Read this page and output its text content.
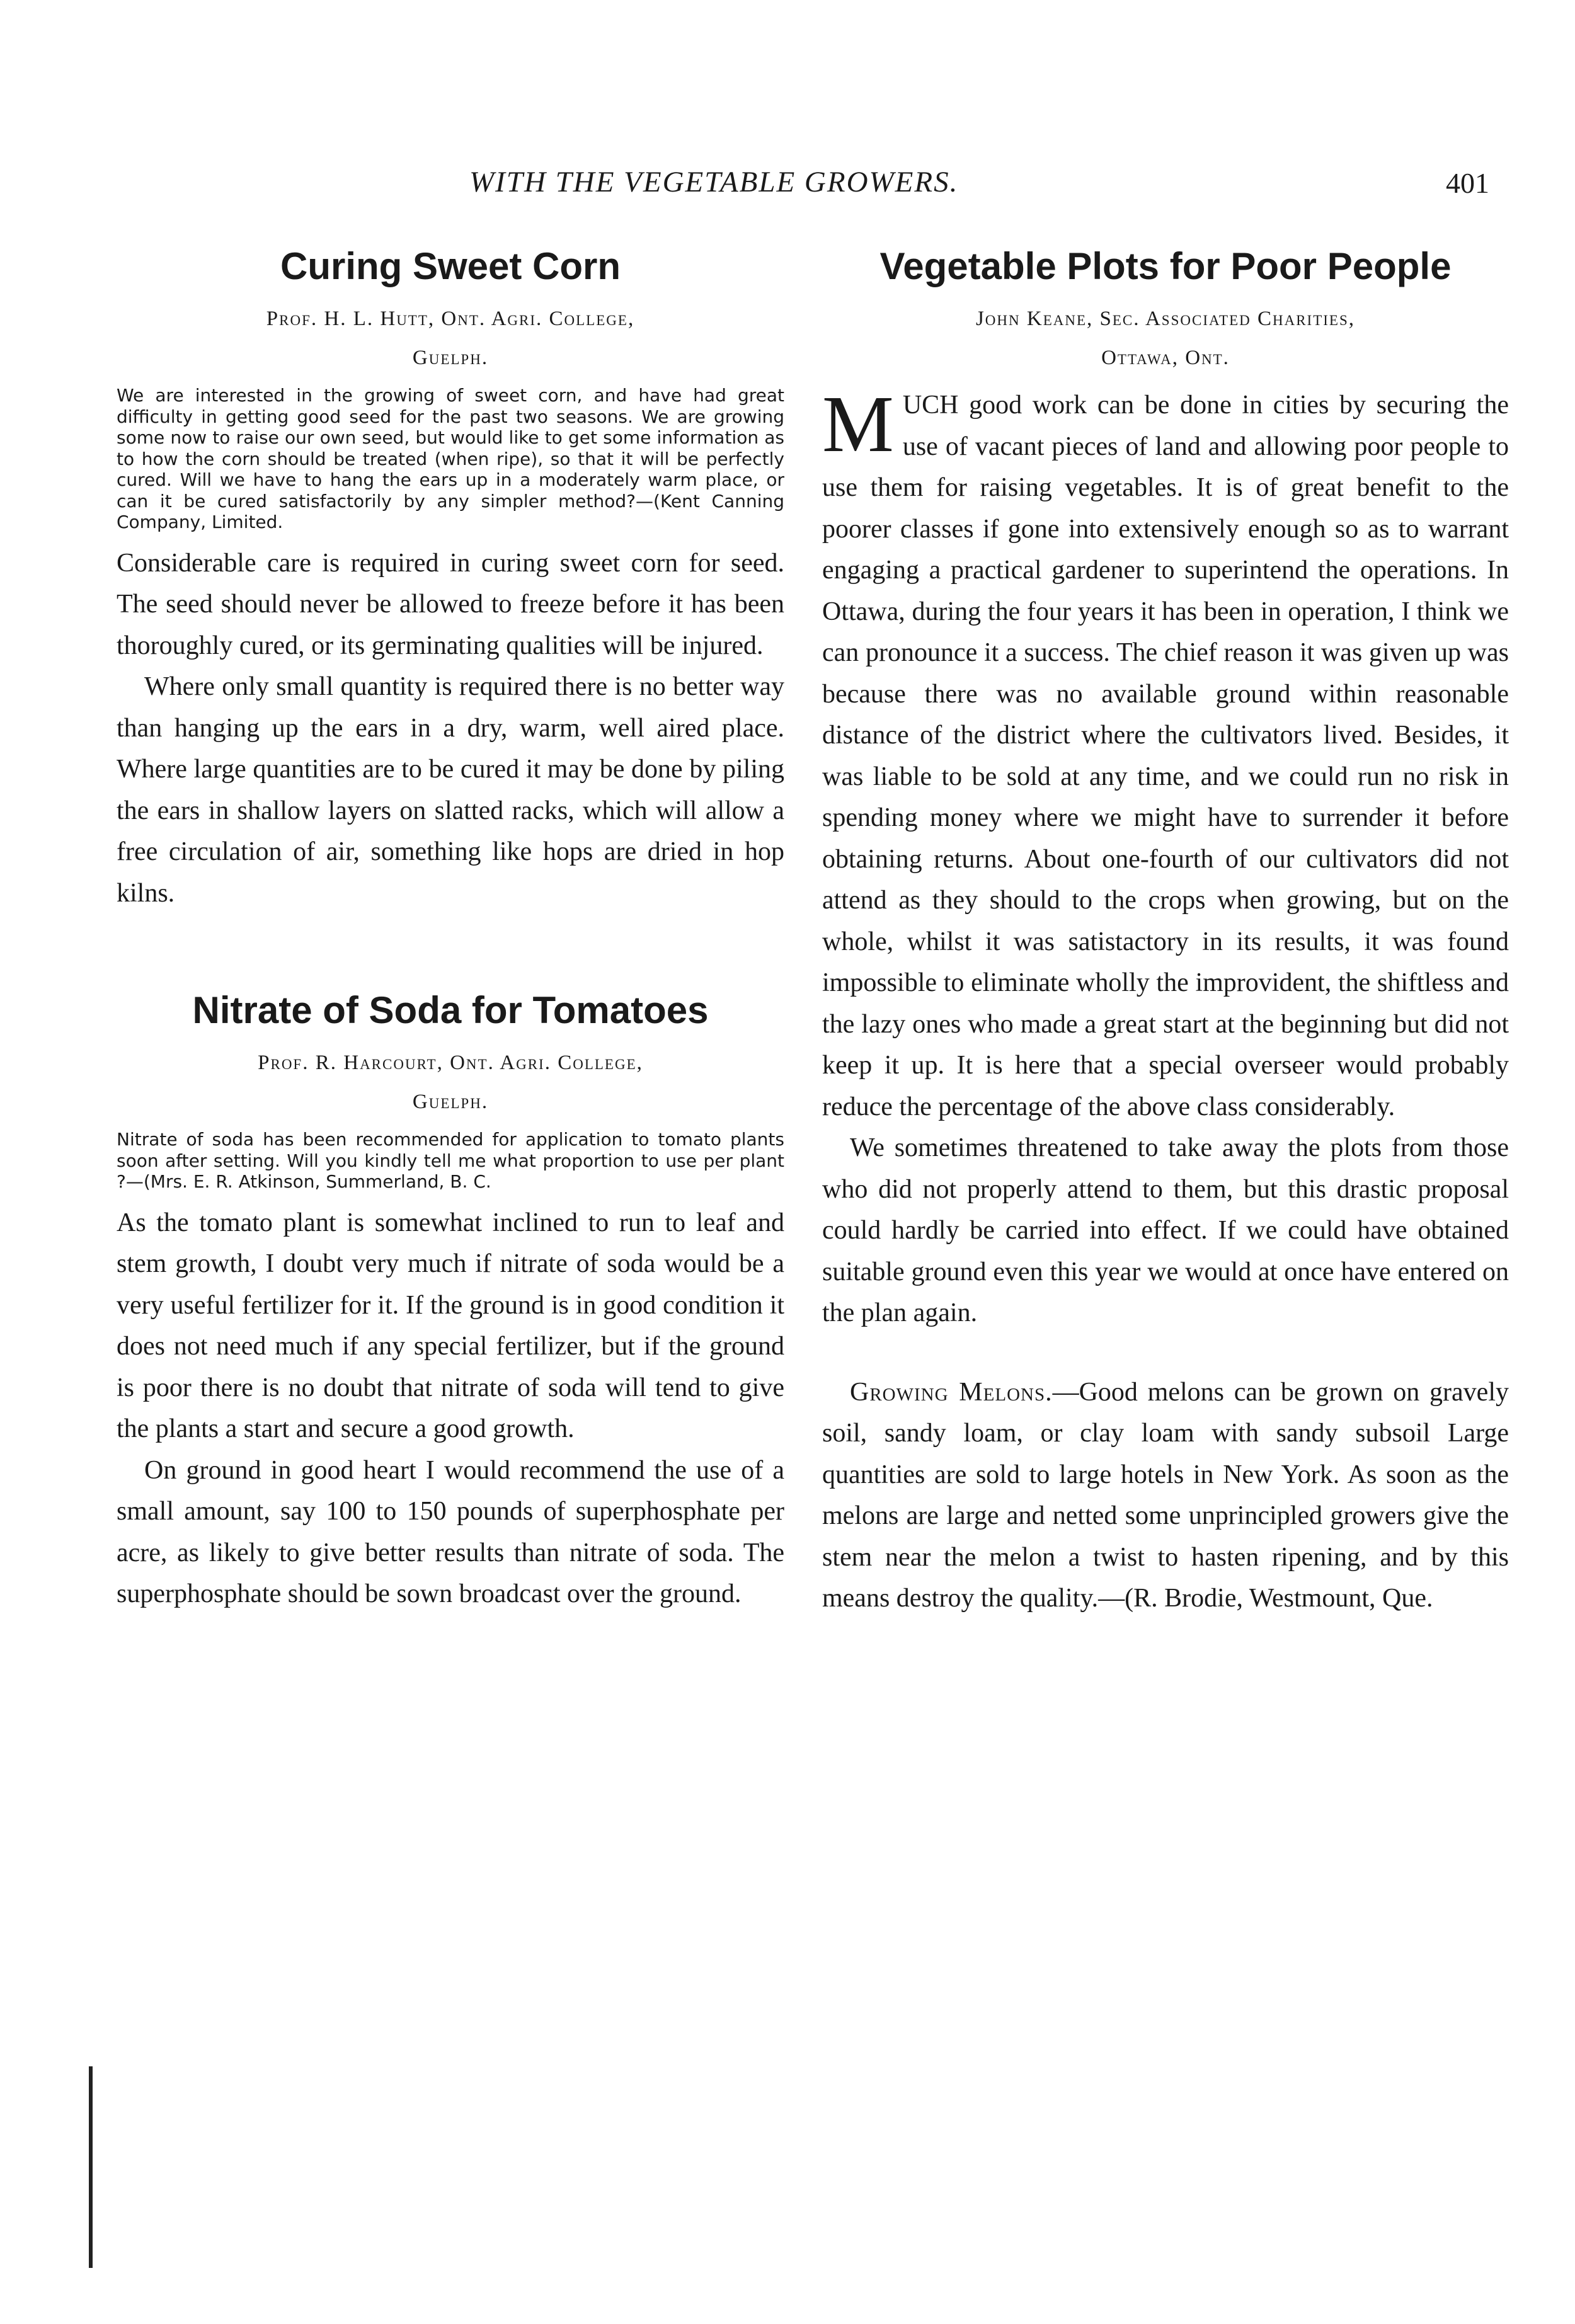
WITH THE VEGETABLE GROWERS.	401
Curing Sweet Corn
Prof. H. L. Hutt, Ont. Agri. College,
Guelph.

We are interested in the growing of sweet corn, and have had great difficulty in getting good seed for the past two seasons. We are growing some now to raise our own seed, but would like to get some information as to how the corn should be treated (when ripe), so that it will be perfectly cured. Will we have to hang the ears up in a moderately warm place, or can it be cured satisfactorily by any simpler method?—(Kent Canning Company, Limited.

Considerable care is required in curing sweet corn for seed. The seed should never be allowed to freeze before it has been thoroughly cured, or its germinating qualities will be injured.

Where only small quantity is required there is no better way than hanging up the ears in a dry, warm, well aired place. Where large quantities are to be cured it may be done by piling the ears in shallow layers on slatted racks, which will allow a free circulation of air, something like hops are dried in hop kilns.

Nitrate of Soda for Tomatoes
Prof. R. Harcourt, Ont. Agri. College,
Guelph.

Nitrate of soda has been recommended for application to tomato plants soon after setting. Will you kindly tell me what proportion to use per plant ?—(Mrs. E. R. Atkinson, Summerland, B. C.

As the tomato plant is somewhat inclined to run to leaf and stem growth, I doubt very much if nitrate of soda would be a very useful fertilizer for it. If the ground is in good condition it does not need much if any special fertilizer, but if the ground is poor there is no doubt that nitrate of soda will tend to give the plants a start and secure a good growth.

On ground in good heart I would recommend the use of a small amount, say 100 to 150 pounds of superphosphate per acre, as likely to give better results than nitrate of soda. The superphosphate should be sown broadcast over the ground.

Vegetable Plots for Poor People
John Keane, Sec. Associated Charities,
Ottawa, Ont.

MUCH good work can be done in cities by securing the use of vacant pieces of land and allowing poor people to use them for raising vegetables. It is of great benefit to the poorer classes if gone into extensively enough so as to warrant engaging a practical gardener to superintend the operations. In Ottawa, during the four years it has been in operation, I think we can pronounce it a success. The chief reason it was given up was because there was no available ground within reasonable distance of the district where the cultivators lived. Besides, it was liable to be sold at any time, and we could run no risk in spending money where we might have to surrender it before obtaining returns. About one-fourth of our cultivators did not attend as they should to the crops when growing, but on the whole, whilst it was satistactory in its results, it was found impossible to eliminate wholly the improvident, the shiftless and the lazy ones who made a great start at the beginning but did not keep it up. It is here that a special overseer would probably reduce the percentage of the above class considerably.

We sometimes threatened to take away the plots from those who did not properly attend to them, but this drastic proposal could hardly be carried into effect. If we could have obtained suitable ground even this year we would at once have entered on the plan again.

Growing Melons.—Good melons can be grown on gravely soil, sandy loam, or clay loam with sandy subsoil Large quantities are sold to large hotels in New York. As soon as the melons are large and netted some unprincipled growers give the stem near the melon a twist to hasten ripening, and by this means destroy the quality.—(R. Brodie, Westmount, Que.
